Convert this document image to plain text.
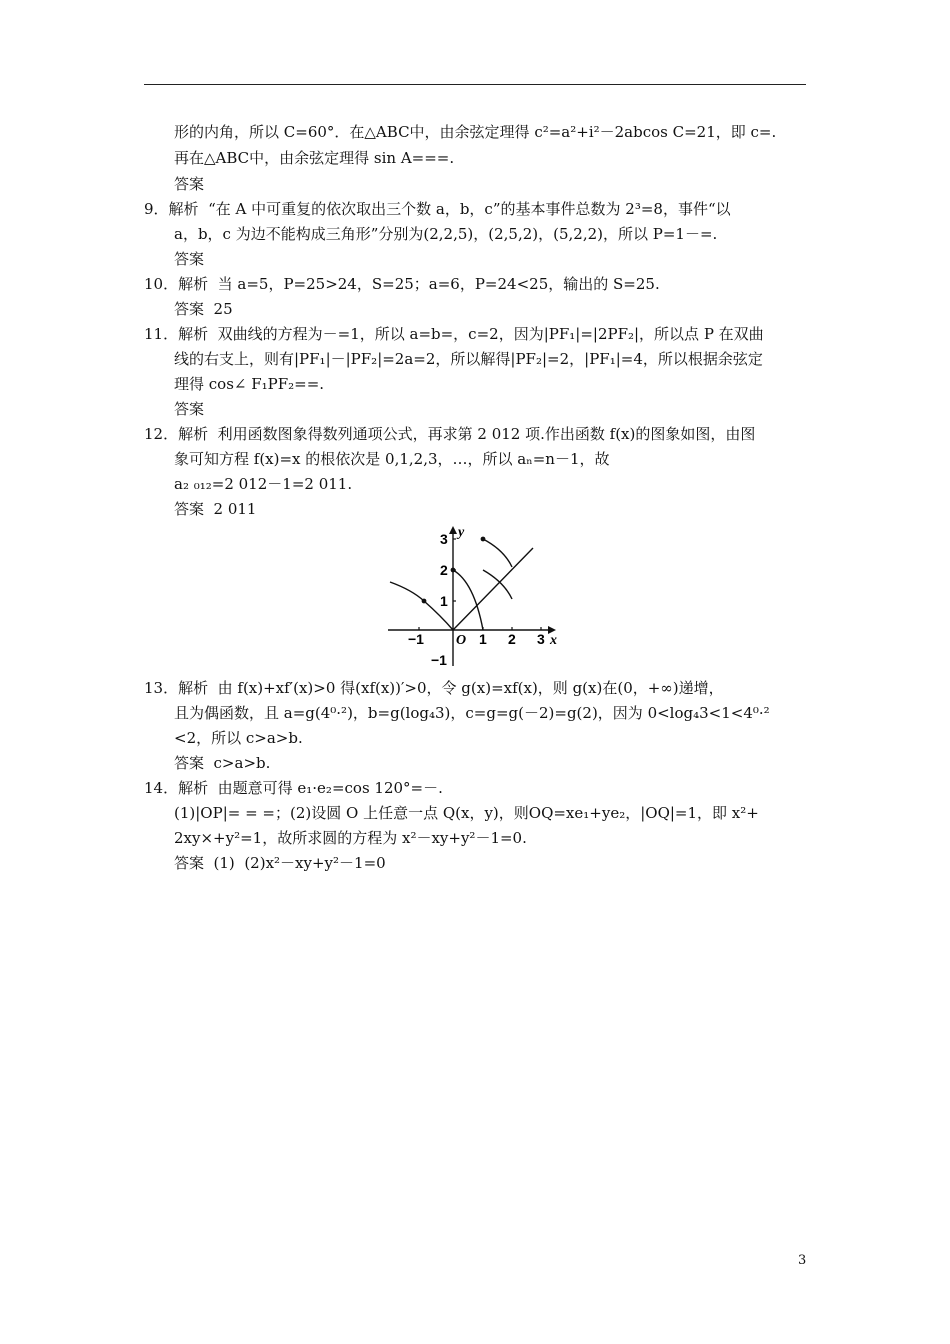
形的内角，所以 C=60°．在△ABC中，由余弦定理得 c²=a²+i²－2abcos C=21，即 c=.
再在△ABC中，由余弦定理得 sin A===.
答案
9．解析  “在 A 中可重复的依次取出三个数 a，b，c”的基本事件总数为 2³=8，事件“以
a，b，c 为边不能构成三角形”分别为(2,2,5)，(2,5,2)，(5,2,2)，所以 P=1－=.
答案
10．解析  当 a=5，P=25>24，S=25；a=6，P=24<25，输出的 S=25.
答案  25
11．解析  双曲线的方程为－=1，所以 a=b=，c=2，因为|PF₁|=|2PF₂|，所以点 P 在双曲
线的右支上，则有|PF₁|－|PF₂|=2a=2，所以解得|PF₂|=2，|PF₁|=4，所以根据余弦定
理得 cos∠ F₁PF₂==.
答案
12．解析  利用函数图象得数列通项公式，再求第 2 012 项.作出函数 f(x)的图象如图，由图
象可知方程 f(x)=x 的根依次是 0,1,2,3，…，所以 aₙ=n－1，故
a₂ ₀₁₂=2 012－1=2 011.
答案  2 011
−1	1 2 3 x
3
2
1
−1
y
O
13．解析  由 f(x)+xf′(x)>0 得(xf(x))′>0，令 g(x)=xf(x)，则 g(x)在(0，+∞)递增，
且为偶函数，且 a=g(4⁰·²)，b=g(log₄3)，c=g=g(－2)=g(2)，因为 0<log₄3<1<4⁰·²
<2，所以 c>a>b.
答案  c>a>b.
14．解析  由题意可得 e₁·e₂=cos 120°=－.
(1)|OP|= = =；(2)设圆 O 上任意一点 Q(x，y)，则OQ=xe₁+ye₂，|OQ|=1，即 x²+
2xy×+y²=1，故所求圆的方程为 x²－xy+y²－1=0.
答案  (1)  (2)x²－xy+y²－1=0
3
